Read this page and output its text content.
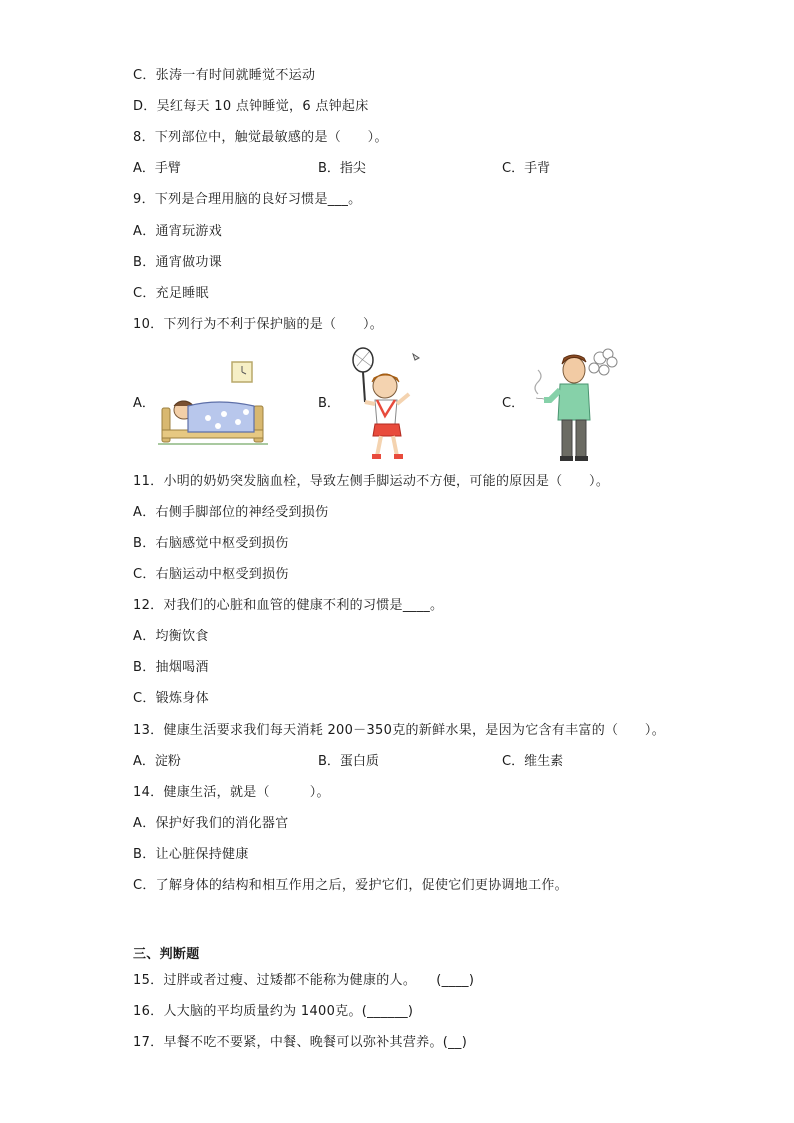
C．张涛一有时间就睡觉不运动
D．吴红每天 10 点钟睡觉，6 点钟起床
8．下列部位中，触觉最敏感的是（　　）。
A．手臂	B．指尖	C．手背
9．下列是合理用脑的良好习惯是___。
A．通宵玩游戏
B．通宵做功课
C．充足睡眠
10．下列行为不利于保护脑的是（　　）。
A．	B．	C．
11．小明的奶奶突发脑血栓，导致左侧手脚运动不方便，可能的原因是（　　）。
A．右侧手脚部位的神经受到损伤
B．右脑感觉中枢受到损伤
C．右脑运动中枢受到损伤
12．对我们的心脏和血管的健康不利的习惯是____。
A．均衡饮食
B．抽烟喝酒
C．锻炼身体
13．健康生活要求我们每天消耗 200－350克的新鲜水果，是因为它含有丰富的（　　）。
A．淀粉	B．蛋白质	C．维生素
14．健康生活，就是（　　　）。
A．保护好我们的消化器官
B．让心脏保持健康
C．了解身体的结构和相互作用之后，爱护它们，促使它们更协调地工作。
三、判断题
15．过胖或者过瘦、过矮都不能称为健康的人。　　(____)
16．人大脑的平均质量约为 1400克。(______)
17．早餐不吃不要紧，中餐、晚餐可以弥补其营养。(__)
